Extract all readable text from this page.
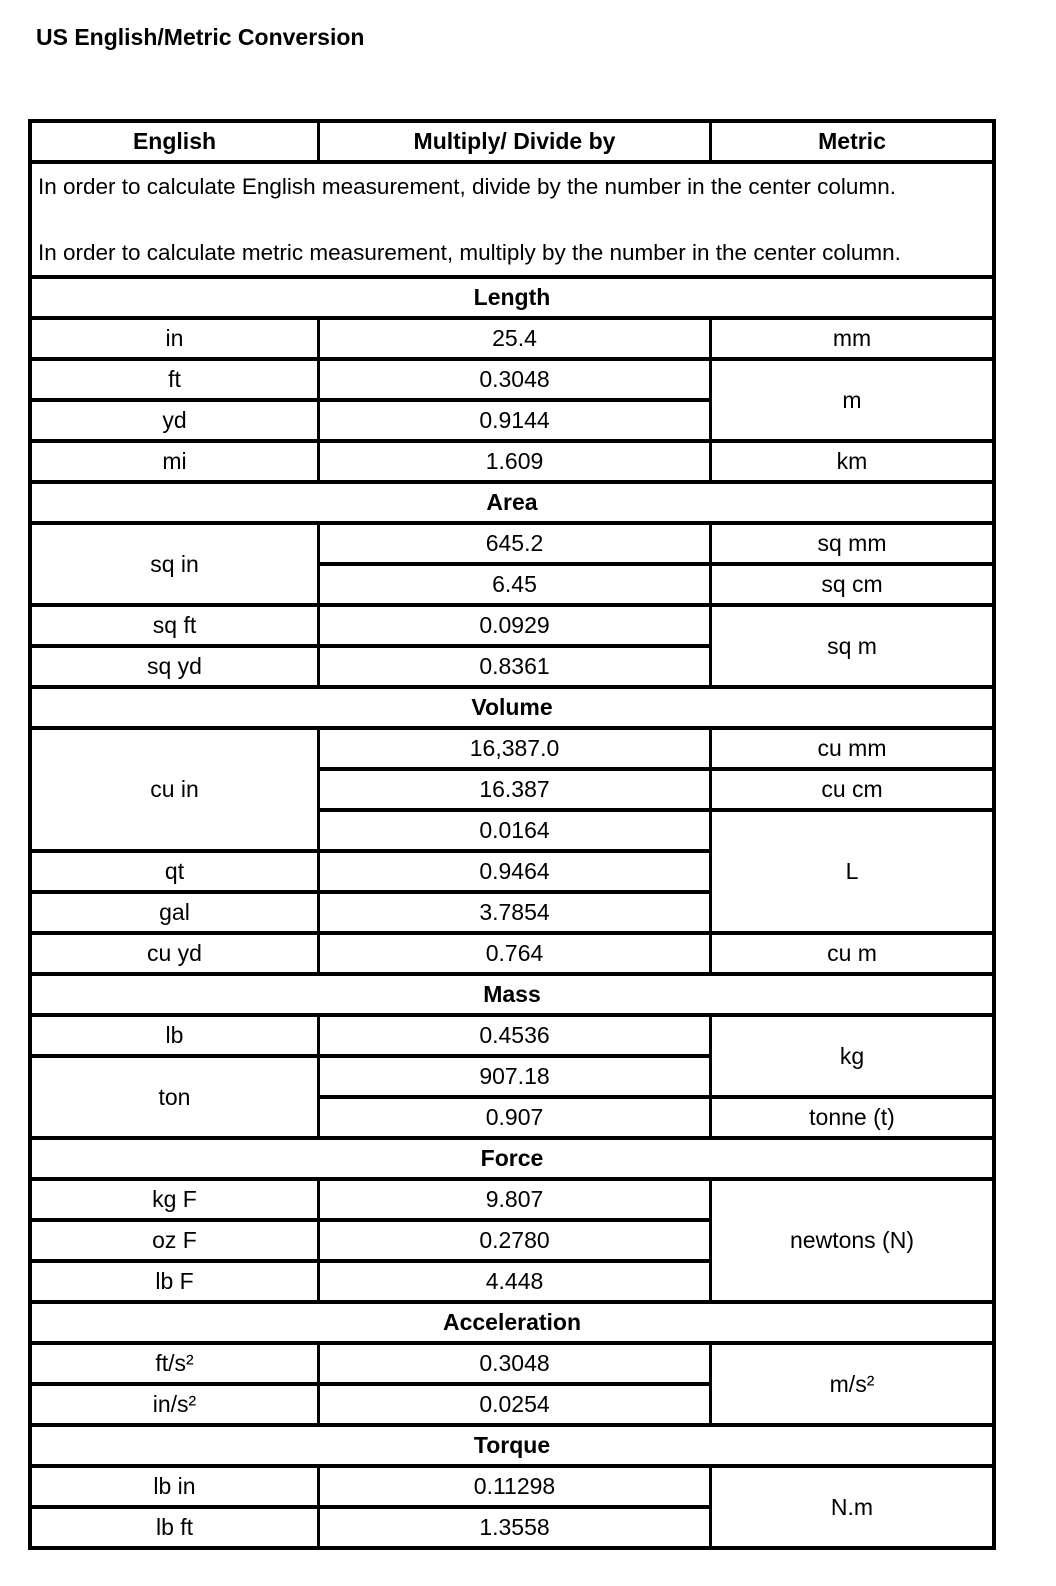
US English/Metric Conversion
English	Multiply/ Divide by	Metric

In order to calculate English measurement, divide by the number in the center column.

In order to calculate metric measurement, multiply by the number in the center column.		

Length		
in	25.4	mm
ft	0.3048	m
yd	0.9144	
mi	1.609	km
Area		
sq in	645.2	sq mm
	6.45	sq cm
sq ft	0.0929	sq m
sq yd	0.8361	
Volume		
cu in	16,387.0	cu mm
	16.387	cu cm
	0.0164	L
qt	0.9464	
gal	3.7854	
cu yd	0.764	cu m
Mass		
lb	0.4536	kg
ton	907.18	
	0.907	tonne (t)
Force		
kg F	9.807	newtons (N)
oz F	0.2780	
lb F	4.448	
Acceleration		
ft/s²	0.3048	m/s²
in/s²	0.0254	
Torque		
lb in	0.11298	N.m
lb ft	1.3558	
